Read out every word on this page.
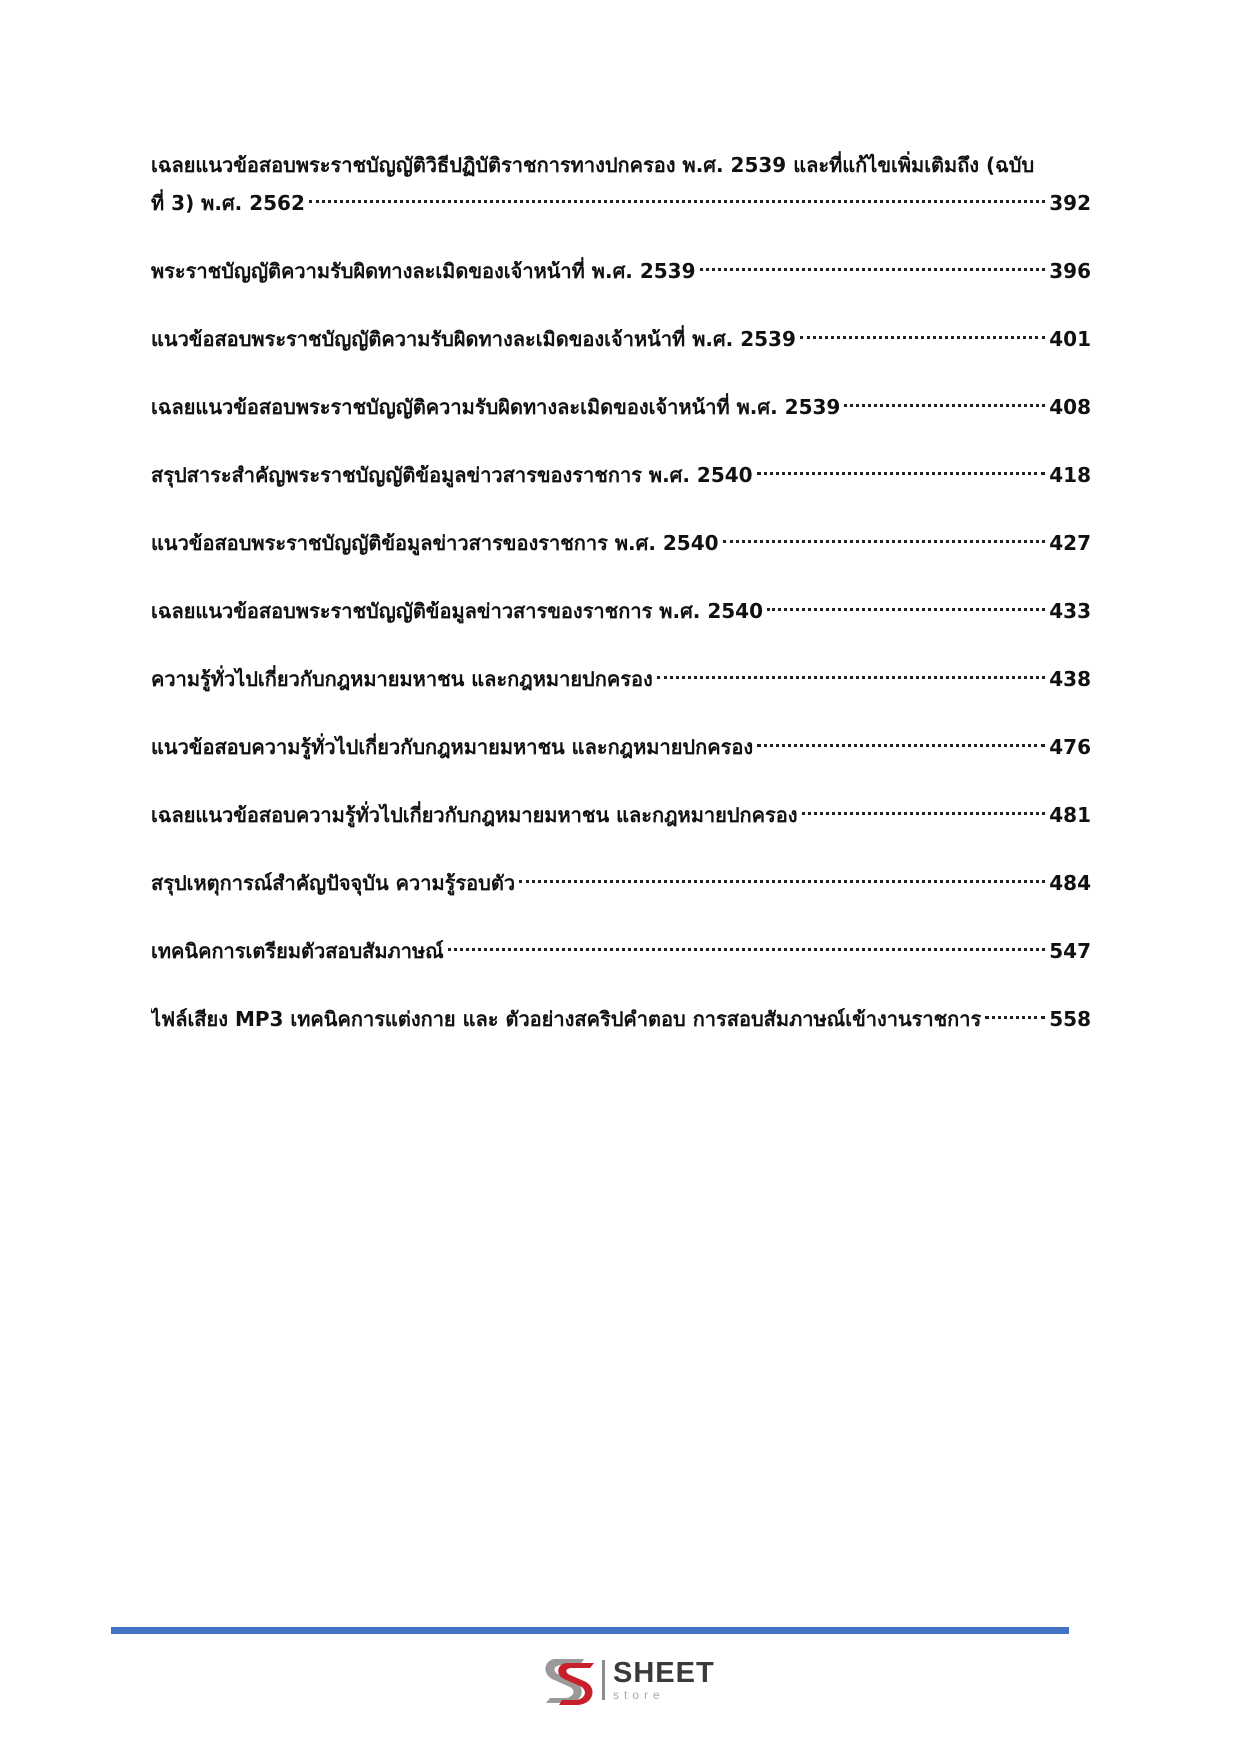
เฉลยแนวข้อสอบพระราชบัญญัติวิธีปฏิบัติราชการทางปกครอง พ.ศ. 2539 และที่แก้ไขเพิ่มเติมถึง (ฉบับ
ที่ 3) พ.ศ. 2562	392
พระราชบัญญัติความรับผิดทางละเมิดของเจ้าหน้าที่ พ.ศ. 2539	396
แนวข้อสอบพระราชบัญญัติความรับผิดทางละเมิดของเจ้าหน้าที่ พ.ศ. 2539	401
เฉลยแนวข้อสอบพระราชบัญญัติความรับผิดทางละเมิดของเจ้าหน้าที่ พ.ศ. 2539	408
สรุปสาระสำคัญพระราชบัญญัติข้อมูลข่าวสารของราชการ พ.ศ. 2540	418
แนวข้อสอบพระราชบัญญัติข้อมูลข่าวสารของราชการ พ.ศ. 2540	427
เฉลยแนวข้อสอบพระราชบัญญัติข้อมูลข่าวสารของราชการ พ.ศ. 2540	433
ความรู้ทั่วไปเกี่ยวกับกฎหมายมหาชน และกฎหมายปกครอง	438
แนวข้อสอบความรู้ทั่วไปเกี่ยวกับกฎหมายมหาชน และกฎหมายปกครอง	476
เฉลยแนวข้อสอบความรู้ทั่วไปเกี่ยวกับกฎหมายมหาชน และกฎหมายปกครอง	481
สรุปเหตุการณ์สำคัญปัจจุบัน ความรู้รอบตัว	484
เทคนิคการเตรียมตัวสอบสัมภาษณ์	547
ไฟล์เสียง MP3 เทคนิคการแต่งกาย และ ตัวอย่างสคริปคำตอบ การสอบสัมภาษณ์เข้างานราชการ	558
SHEET
store
